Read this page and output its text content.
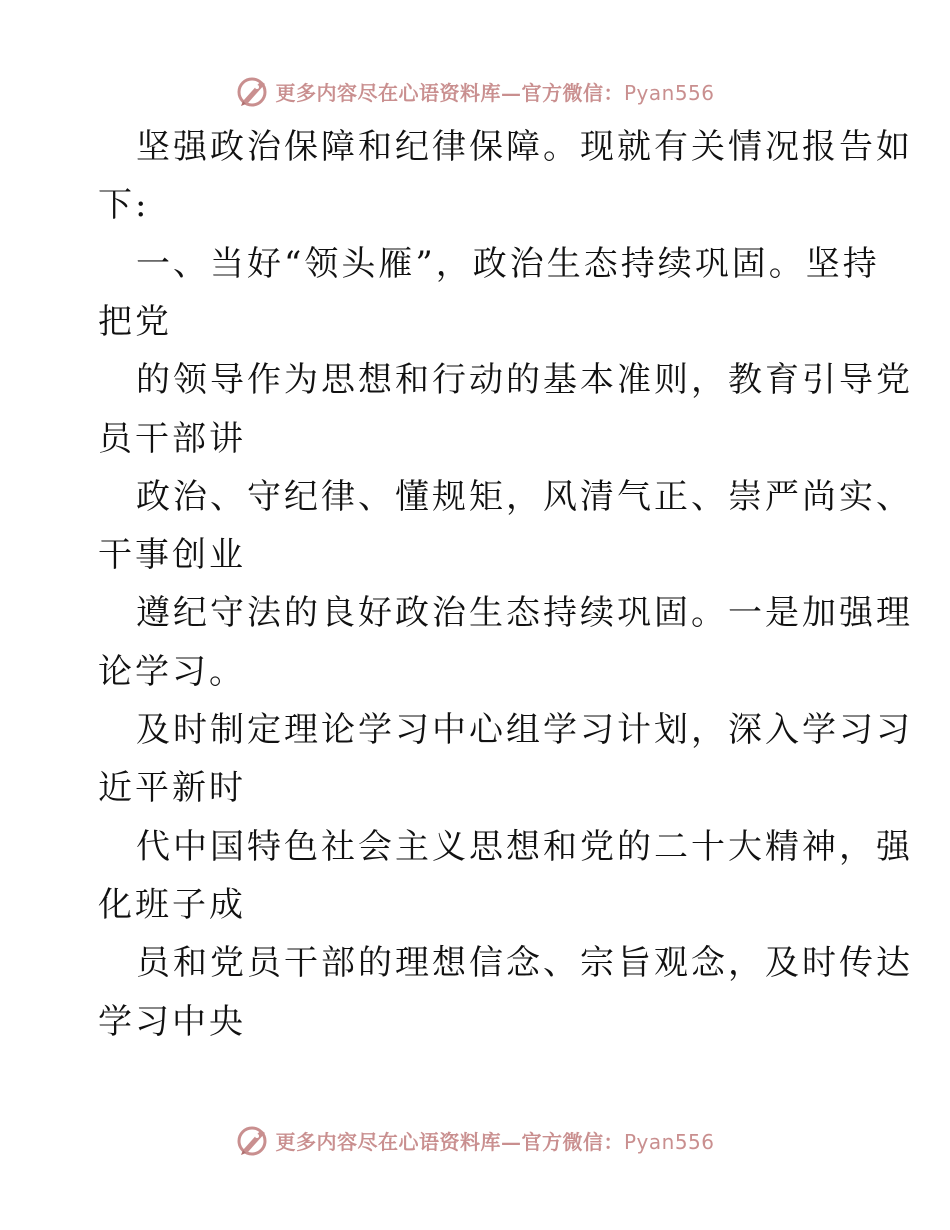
更多内容尽在心语资料库—官方微信：Pyan556
坚强政治保障和纪律保障。现就有关情况报告如
下:
一、当好“领头雁”，政治生态持续巩固。坚持
把党
的领导作为思想和行动的基本准则，教育引导党
员干部讲
政治、守纪律、懂规矩，风清气正、崇严尚实、
干事创业
遵纪守法的良好政治生态持续巩固。一是加强理
论学习。
及时制定理论学习中心组学习计划，深入学习习
近平新时
代中国特色社会主义思想和党的二十大精神，强
化班子成
员和党员干部的理想信念、宗旨观念，及时传达
学习中央
更多内容尽在心语资料库—官方微信：Pyan556
